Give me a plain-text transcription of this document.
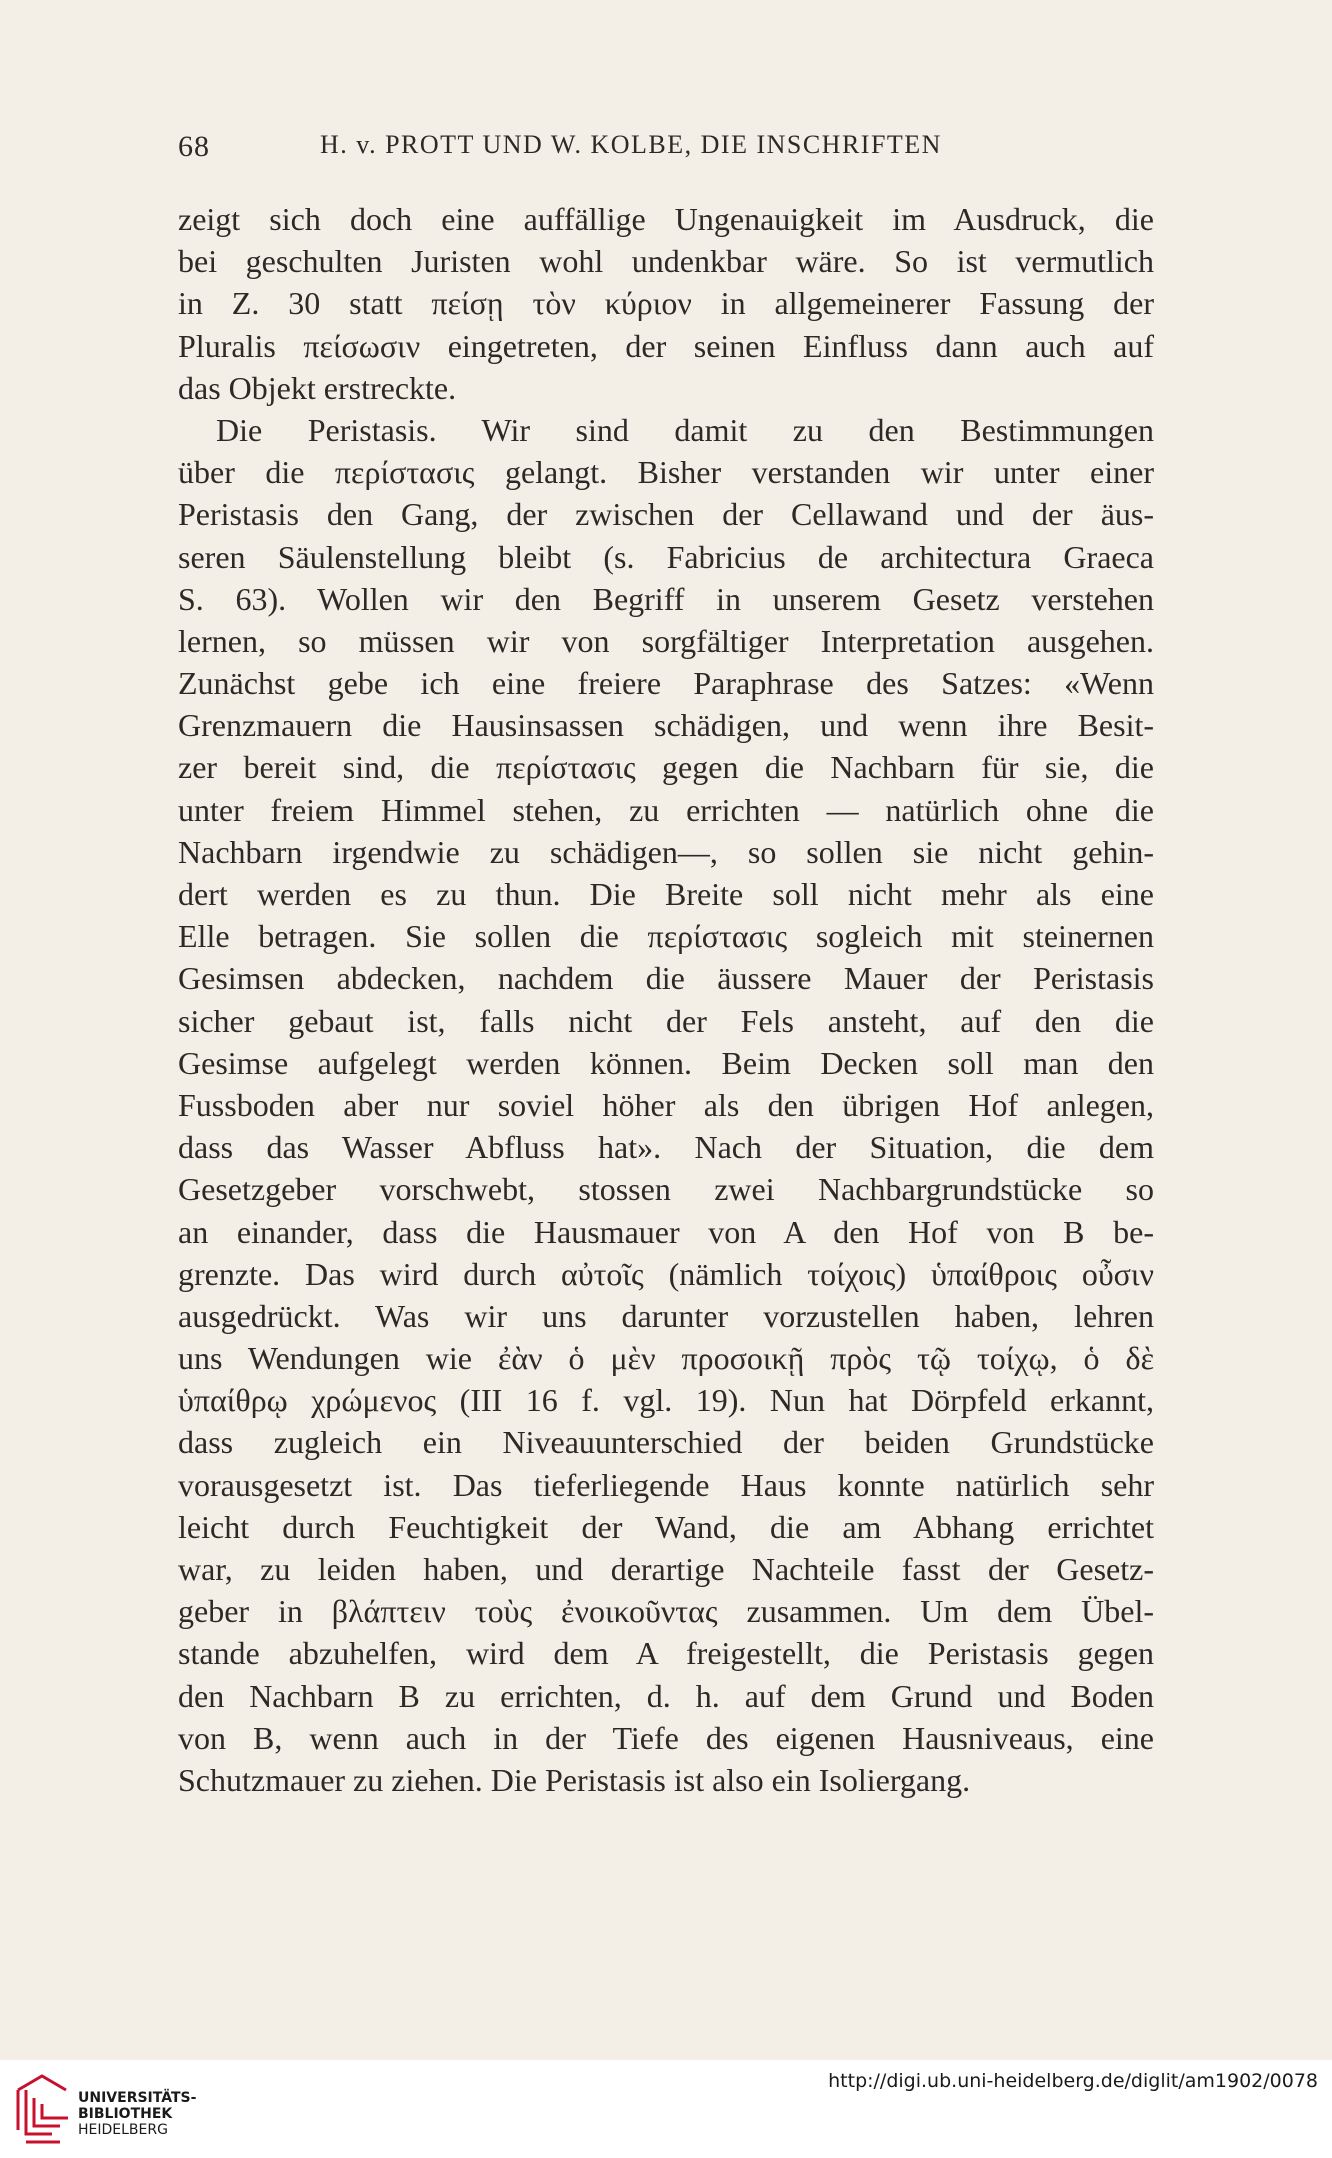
68	H. v. PROTT UND W. KOLBE, DIE INSCHRIFTEN
zeigt sich doch eine auffällige Ungenauigkeit im Ausdruck, die
bei geschulten Juristen wohl undenkbar wäre. So ist vermutlich
in Z. 30 statt πείσῃ τὸν κύριον in allgemeinerer Fassung der
Pluralis πείσωσιν eingetreten, der seinen Einfluss dann auch auf
das Objekt erstreckte.
Die Peristasis. Wir sind damit zu den Bestimmungen
über die περίστασις gelangt. Bisher verstanden wir unter einer
Peristasis den Gang, der zwischen der Cellawand und der äus-
seren Säulenstellung bleibt (s. Fabricius de architectura Graeca
S. 63). Wollen wir den Begriff in unserem Gesetz verstehen
lernen, so müssen wir von sorgfältiger Interpretation ausgehen.
Zunächst gebe ich eine freiere Paraphrase des Satzes: «Wenn
Grenzmauern die Hausinsassen schädigen, und wenn ihre Besit-
zer bereit sind, die περίστασις gegen die Nachbarn für sie, die
unter freiem Himmel stehen, zu errichten — natürlich ohne die
Nachbarn irgendwie zu schädigen—, so sollen sie nicht gehin-
dert werden es zu thun. Die Breite soll nicht mehr als eine
Elle betragen. Sie sollen die περίστασις sogleich mit steinernen
Gesimsen abdecken, nachdem die äussere Mauer der Peristasis
sicher gebaut ist, falls nicht der Fels ansteht, auf den die
Gesimse aufgelegt werden können. Beim Decken soll man den
Fussboden aber nur soviel höher als den übrigen Hof anlegen,
dass das Wasser Abfluss hat». Nach der Situation, die dem
Gesetzgeber vorschwebt, stossen zwei Nachbargrundstücke so
an einander, dass die Hausmauer von A den Hof von B be-
grenzte. Das wird durch αὐτοῖς (nämlich τοίχοις) ὑπαίθροις οὖσιν
ausgedrückt. Was wir uns darunter vorzustellen haben, lehren
uns Wendungen wie ἐὰν ὁ μὲν προσοικῇ πρὸς τῷ τοίχῳ, ὁ δὲ
ὑπαίθρῳ χρώμενος (III 16 f. vgl. 19). Nun hat Dörpfeld erkannt,
dass zugleich ein Niveauunterschied der beiden Grundstücke
vorausgesetzt ist. Das tieferliegende Haus konnte natürlich sehr
leicht durch Feuchtigkeit der Wand, die am Abhang errichtet
war, zu leiden haben, und derartige Nachteile fasst der Gesetz-
geber in βλάπτειν τοὺς ἐνοικοῦντας zusammen. Um dem Übel-
stande abzuhelfen, wird dem A freigestellt, die Peristasis gegen
den Nachbarn B zu errichten, d. h. auf dem Grund und Boden
von B, wenn auch in der Tiefe des eigenen Hausniveaus, eine
Schutzmauer zu ziehen. Die Peristasis ist also ein Isoliergang.
UNIVERSITÄTS-
BIBLIOTHEK
HEIDELBERG
http://digi.ub.uni-heidelberg.de/diglit/am1902/0078
